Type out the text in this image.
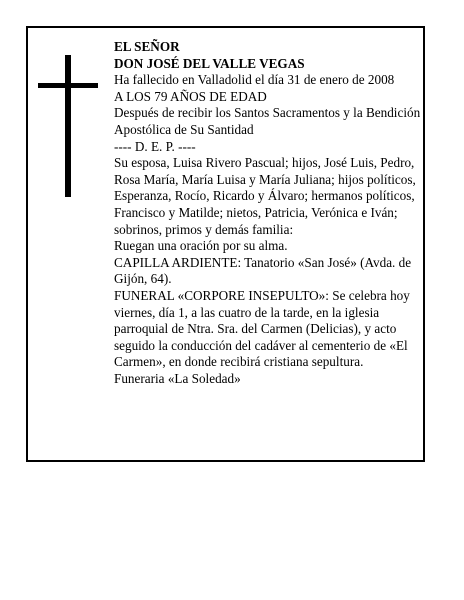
EL SEÑOR

DON JOSÉ DEL VALLE VEGAS

Ha fallecido en Valladolid el día 31 de enero de 2008

A LOS 79 AÑOS DE EDAD

Después de recibir los Santos Sacramentos y la Bendición Apostólica de Su Santidad

---- D. E. P. ----

Su esposa, Luisa Rivero Pascual; hijos, José Luis, Pedro, Rosa María, María Luisa y María Juliana; hijos políticos, Esperanza, Rocío, Ricardo y Álvaro; hermanos políticos, Francisco y Matilde; nietos, Patricia, Verónica e Iván; sobrinos, primos y demás familia:

Ruegan una oración por su alma.

CAPILLA ARDIENTE: Tanatorio «San José» (Avda. de Gijón, 64).

FUNERAL «CORPORE INSEPULTO»: Se celebra hoy viernes, día 1, a las cuatro de la tarde, en la iglesia parroquial de Ntra. Sra. del Carmen (Delicias), y acto seguido la conducción del cadáver al cementerio de «El Carmen», en donde recibirá cristiana sepultura.

Funeraria «La Soledad»
